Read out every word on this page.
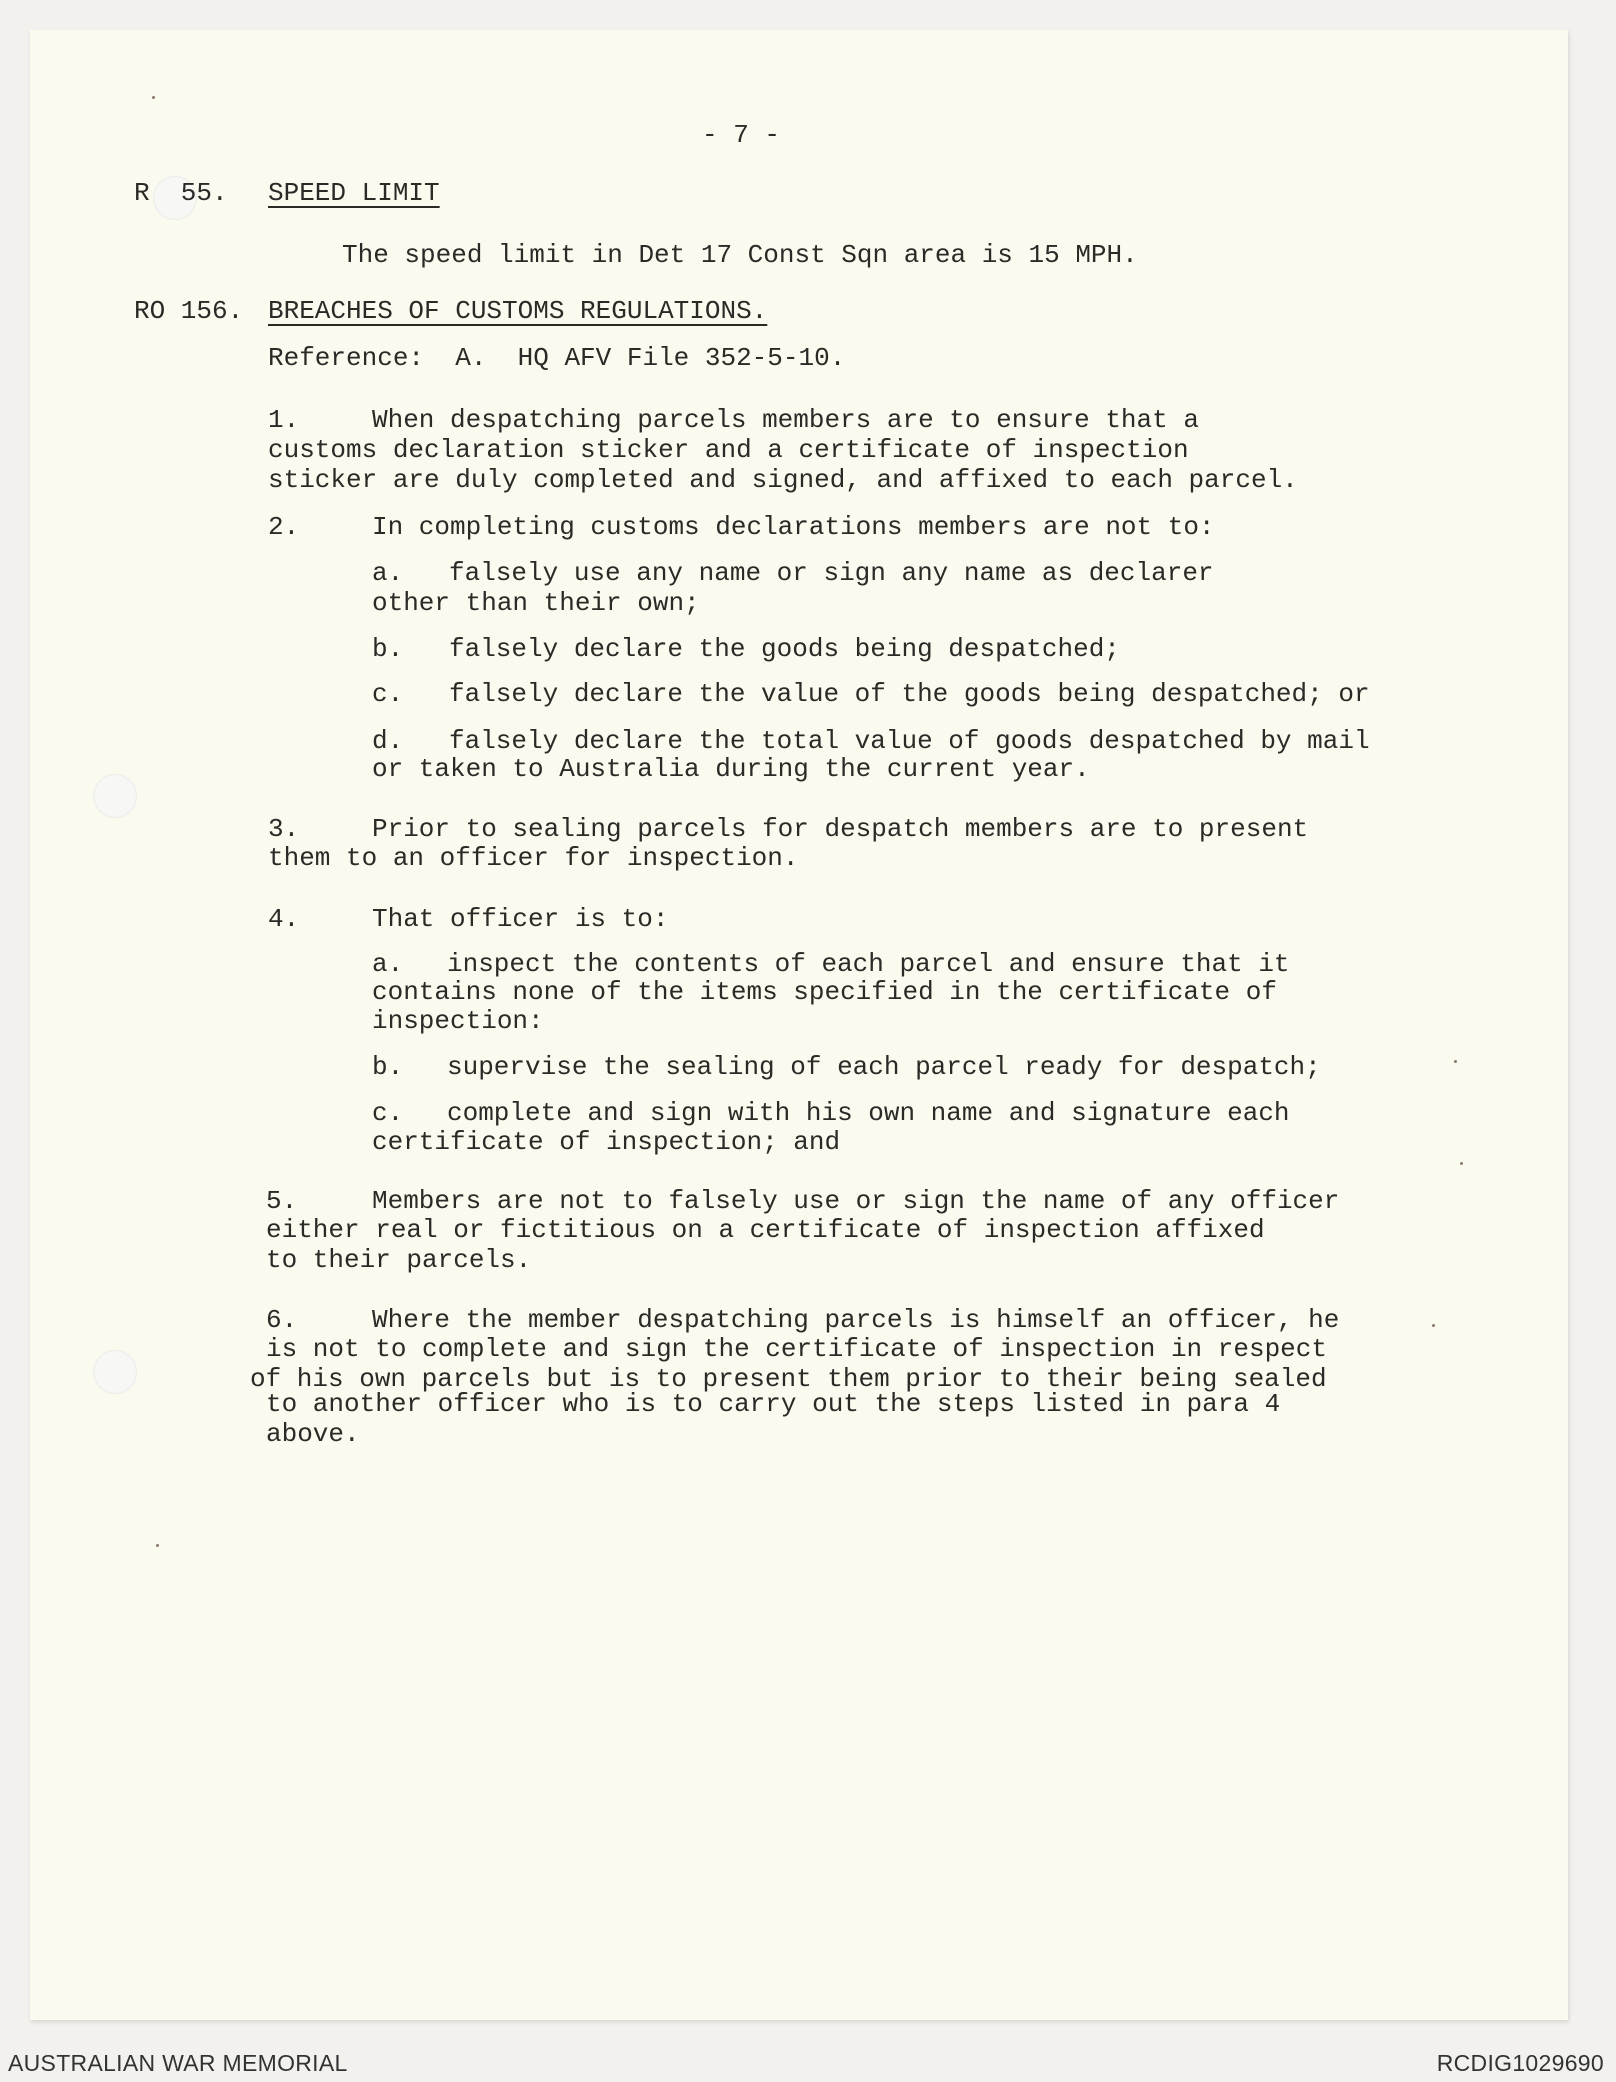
- 7 -
R  55. SPEED LIMIT
The speed limit in Det 17 Const Sqn area is 15 MPH.
RO 156. BREACHES OF CUSTOMS REGULATIONS.
Reference:  A.  HQ AFV File 352-5-10.
1.	When despatching parcels members are to ensure that a
customs declaration sticker and a certificate of inspection
sticker are duly completed and signed, and affixed to each parcel.
2.	In completing customs declarations members are not to:
a. falsely use any name or sign any name as declarer
other than their own;
b. falsely declare the goods being despatched;
c. falsely declare the value of the goods being despatched; or
d. falsely declare the total value of goods despatched by mail
or taken to Australia during the current year.
3.	Prior to sealing parcels for despatch members are to present
them to an officer for inspection.
4.	That officer is to:
a. inspect the contents of each parcel and ensure that it
contains none of the items specified in the certificate of
inspection:
b. supervise the sealing of each parcel ready for despatch;
c. complete and sign with his own name and signature each
certificate of inspection; and
5.	Members are not to falsely use or sign the name of any officer
either real or fictitious on a certificate of inspection affixed
to their parcels.
6.	Where the member despatching parcels is himself an officer, he
is not to complete and sign the certificate of inspection in respect
of his own parcels but is to present them prior to their being sealed
to another officer who is to carry out the steps listed in para 4
above.
AUSTRALIAN WAR MEMORIAL	RCDIG1029690
